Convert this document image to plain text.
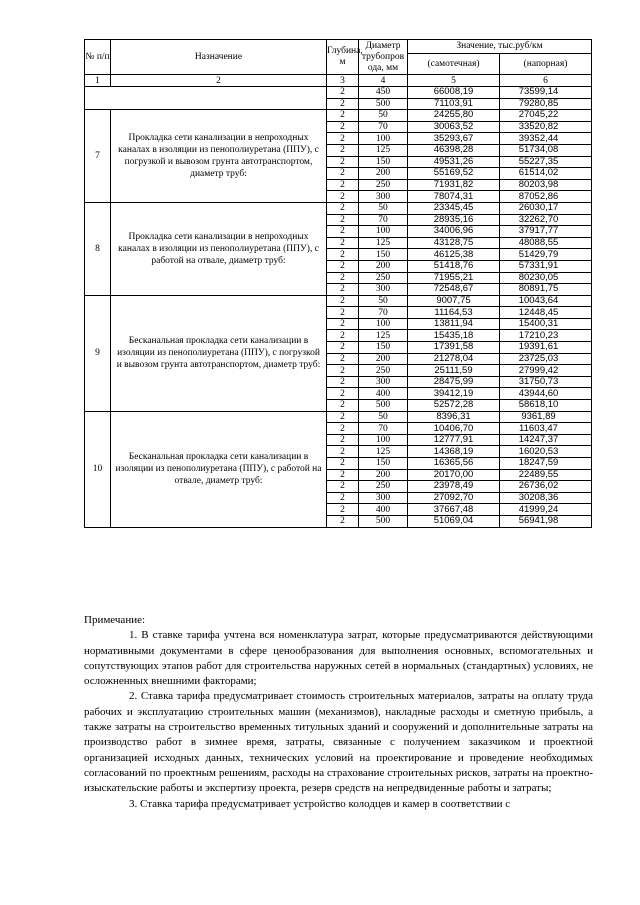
№ п/п	Назначение	Глубина, м	Диаметр трубопров ода, мм	Значение, тыс.руб/км	
				(самотечная)	(напорная)
1	2	3	4	5	6
		2	450	66008,19	73599,14
		2	500	71103,91	79280,85
7	Прокладка сети канализации в непроходных каналах в изоляции из пенополиуретана (ППУ), с погрузкой и вывозом грунта автотранспортом, диаметр труб:	2	50	24255,80	27045,22
		2	70	30063,52	33520,82
		2	100	35293,67	39352,44
		2	125	46398,28	51734,08
		2	150	49531,26	55227,35
		2	200	55169,52	61514,02
		2	250	71931,82	80203,98
		2	300	78074,31	87052,86
8	Прокладка сети канализации в непроходных каналах в изоляции из пенополиуретана (ППУ), с работой на отвале, диаметр труб:	2	50	23345,45	26030,17
		2	70	28935,16	32262,70
		2	100	34006,96	37917,77
		2	125	43128,75	48088,55
		2	150	46125,38	51429,79
		2	200	51418,76	57331,91
		2	250	71955,21	80230,05
		2	300	72548,67	80891,75
9	Бесканальная прокладка сети канализации в изоляции из пенополиуретана (ППУ), с погрузкой и вывозом грунта автотранспортом, диаметр труб:	2	50	9007,75	10043,64
		2	70	11164,53	12448,45
		2	100	13811,94	15400,31
		2	125	15435,18	17210,23
		2	150	17391,58	19391,61
		2	200	21278,04	23725,03
		2	250	25111,59	27999,42
		2	300	28475,99	31750,73
		2	400	39412,19	43944,60
		2	500	52572,28	58618,10
10	Бесканальная прокладка сети канализации в изоляции из пенополиуретана (ППУ), с работой на отвале, диаметр труб:	2	50	8396,31	9361,89
		2	70	10406,70	11603,47
		2	100	12777,91	14247,37
		2	125	14368,19	16020,53
		2	150	16365,56	18247,59
		2	200	20170,00	22489,55
		2	250	23978,49	26736,02
		2	300	27092,70	30208,36
		2	400	37667,48	41999,24
		2	500	51069,04	56941,98

Примечание:

1. В ставке тарифа учтена вся номенклатура затрат, которые предусматриваются действующими нормативными документами в сфере ценообразования для выполнения основных, вспомогательных и сопутствующих этапов работ для строительства наружных сетей в нормальных (стандартных) условиях, не осложненных внешними факторами;

2. Ставка тарифа предусматривает стоимость строительных материалов, затраты на оплату труда рабочих и эксплуатацию строительных машин (механизмов), накладные расходы и сметную прибыль, а также затраты на строительство временных титульных зданий и сооружений и дополнительные затраты на производство работ в зимнее время, затраты, связанные с получением заказчиком и проектной организацией исходных данных, технических условий на проектирование и проведение необходимых согласований по проектным решениям, расходы на страхование строительных рисков, затраты на проектно-изыскательские работы и экспертизу проекта, резерв средств на непредвиденные работы и затраты;

3. Ставка тарифа предусматривает устройство колодцев и камер в соответствии с
